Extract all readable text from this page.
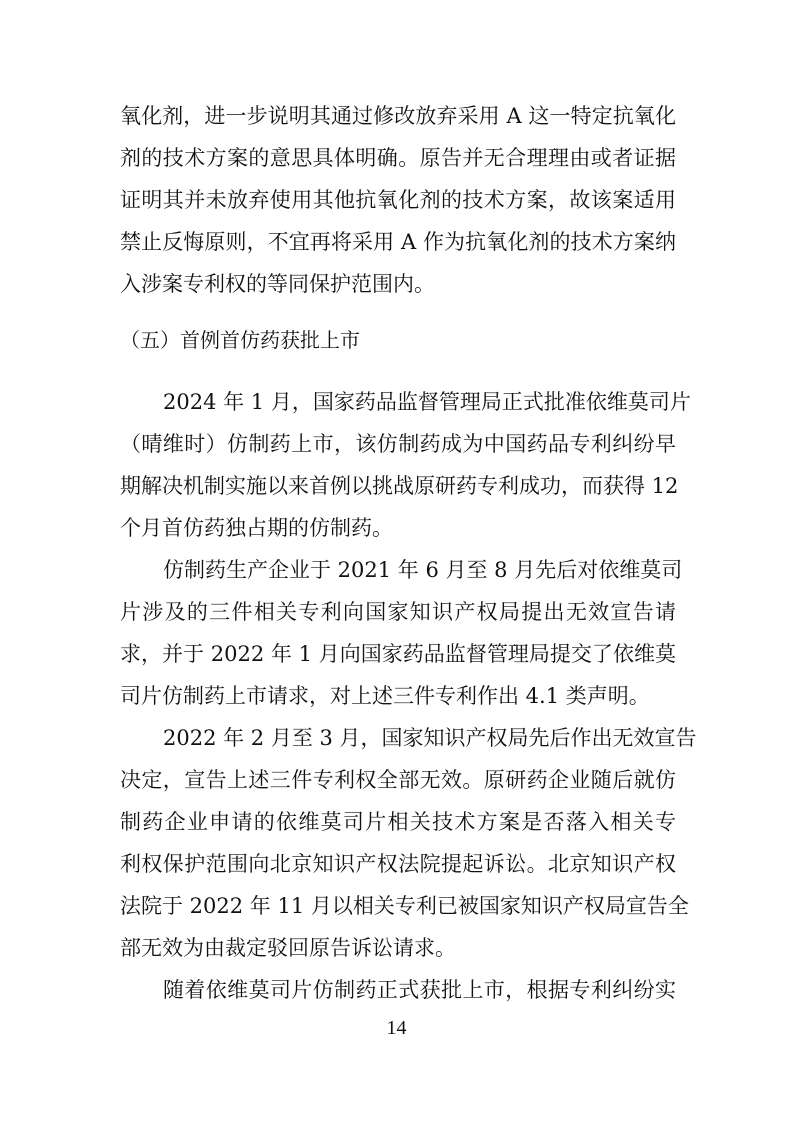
氧化剂，进一步说明其通过修改放弃采用 A 这一特定抗氧化

剂的技术方案的意思具体明确。原告并无合理理由或者证据

证明其并未放弃使用其他抗氧化剂的技术方案，故该案适用

禁止反悔原则，不宜再将采用 A 作为抗氧化剂的技术方案纳

入涉案专利权的等同保护范围内。

（五）首例首仿药获批上市

2024 年 1 月，国家药品监督管理局正式批准依维莫司片

（晴维时）仿制药上市，该仿制药成为中国药品专利纠纷早

期解决机制实施以来首例以挑战原研药专利成功，而获得 12

个月首仿药独占期的仿制药。

仿制药生产企业于 2021 年 6 月至 8 月先后对依维莫司

片涉及的三件相关专利向国家知识产权局提出无效宣告请

求，并于 2022 年 1 月向国家药品监督管理局提交了依维莫

司片仿制药上市请求，对上述三件专利作出 4.1 类声明。

2022 年 2 月至 3 月，国家知识产权局先后作出无效宣告

决定，宣告上述三件专利权全部无效。原研药企业随后就仿

制药企业申请的依维莫司片相关技术方案是否落入相关专

利权保护范围向北京知识产权法院提起诉讼。北京知识产权

法院于 2022 年 11 月以相关专利已被国家知识产权局宣告全

部无效为由裁定驳回原告诉讼请求。

随着依维莫司片仿制药正式获批上市，根据专利纠纷实

14
